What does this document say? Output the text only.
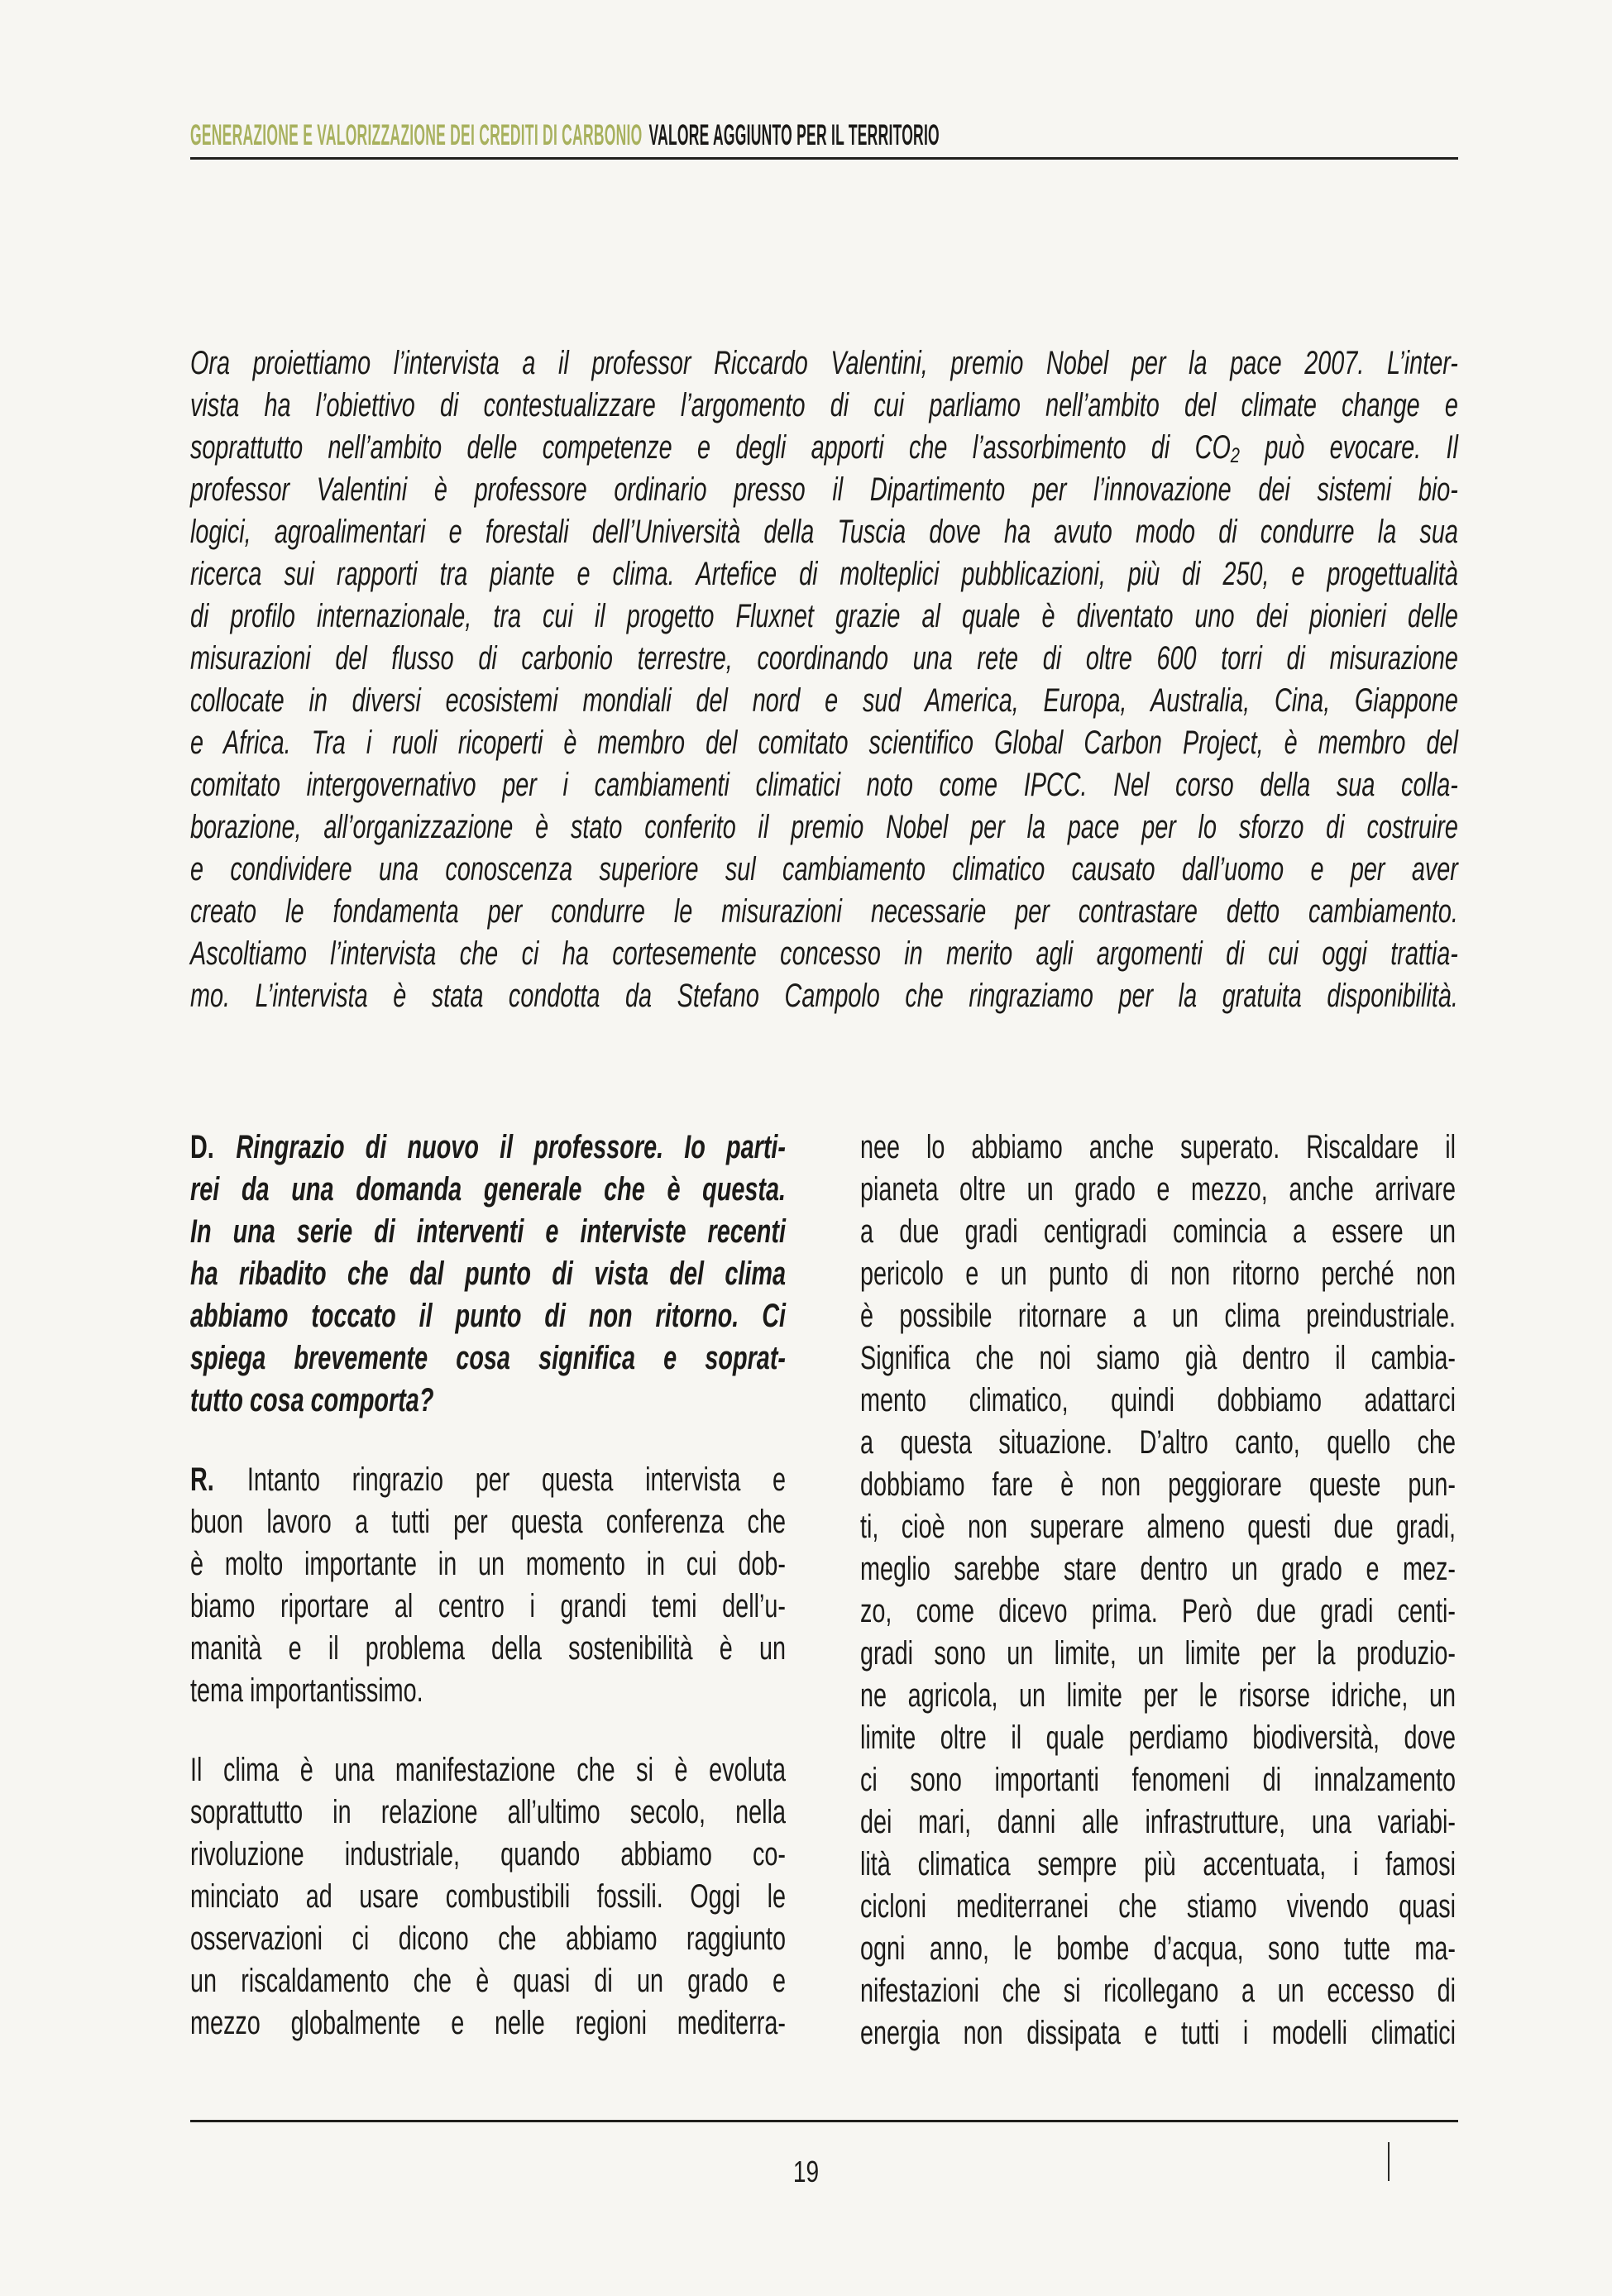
GENERAZIONE E VALORIZZAZIONE DEI CREDITI DI CARBONIO VALORE AGGIUNTO PER IL TERRITORIO
Ora proiettiamo l’intervista a il professor Riccardo Valentini, premio Nobel per la pace 2007. L’inter-
vista ha l’obiettivo di contestualizzare l’argomento di cui parliamo nell’ambito del climate change e
soprattutto nell’ambito delle competenze e degli apporti che l’assorbimento di CO₂ può evocare. Il
professor Valentini è professore ordinario presso il Dipartimento per l’innovazione dei sistemi bio-
logici, agroalimentari e forestali dell’Università della Tuscia dove ha avuto modo di condurre la sua
ricerca sui rapporti tra piante e clima. Artefice di molteplici pubblicazioni, più di 250, e progettualità
di profilo internazionale, tra cui il progetto Fluxnet grazie al quale è diventato uno dei pionieri delle
misurazioni del flusso di carbonio terrestre, coordinando una rete di oltre 600 torri di misurazione
collocate in diversi ecosistemi mondiali del nord e sud America, Europa, Australia, Cina, Giappone
e Africa. Tra i ruoli ricoperti è membro del comitato scientifico Global Carbon Project, è membro del
comitato intergovernativo per i cambiamenti climatici noto come IPCC. Nel corso della sua colla-
borazione, all’organizzazione è stato conferito il premio Nobel per la pace per lo sforzo di costruire
e condividere una conoscenza superiore sul cambiamento climatico causato dall’uomo e per aver
creato le fondamenta per condurre le misurazioni necessarie per contrastare detto cambiamento.
Ascoltiamo l’intervista che ci ha cortesemente concesso in merito agli argomenti di cui oggi trattia-
mo. L’intervista è stata condotta da Stefano Campolo che ringraziamo per la gratuita disponibilità.
D. Ringrazio di nuovo il professore. Io parti-
rei da una domanda generale che è questa.
In una serie di interventi e interviste recenti
ha ribadito che dal punto di vista del clima
abbiamo toccato il punto di non ritorno. Ci
spiega brevemente cosa significa e soprat-
tutto cosa comporta?
R. Intanto ringrazio per questa intervista e
buon lavoro a tutti per questa conferenza che
è molto importante in un momento in cui dob-
biamo riportare al centro i grandi temi dell’u-
manità e il problema della sostenibilità è un
tema importantissimo.
Il clima è una manifestazione che si è evoluta
soprattutto in relazione all’ultimo secolo, nella
rivoluzione industriale, quando abbiamo co-
minciato ad usare combustibili fossili. Oggi le
osservazioni ci dicono che abbiamo raggiunto
un riscaldamento che è quasi di un grado e
mezzo globalmente e nelle regioni mediterra-
nee lo abbiamo anche superato. Riscaldare il
pianeta oltre un grado e mezzo, anche arrivare
a due gradi centigradi comincia a essere un
pericolo e un punto di non ritorno perché non
è possibile ritornare a un clima preindustriale.
Significa che noi siamo già dentro il cambia-
mento climatico, quindi dobbiamo adattarci
a questa situazione. D’altro canto, quello che
dobbiamo fare è non peggiorare queste pun-
ti, cioè non superare almeno questi due gradi,
meglio sarebbe stare dentro un grado e mez-
zo, come dicevo prima. Però due gradi centi-
gradi sono un limite, un limite per la produzio-
ne agricola, un limite per le risorse idriche, un
limite oltre il quale perdiamo biodiversità, dove
ci sono importanti fenomeni di innalzamento
dei mari, danni alle infrastrutture, una variabi-
lità climatica sempre più accentuata, i famosi
cicloni mediterranei che stiamo vivendo quasi
ogni anno, le bombe d’acqua, sono tutte ma-
nifestazioni che si ricollegano a un eccesso di
energia non dissipata e tutti i modelli climatici
19
